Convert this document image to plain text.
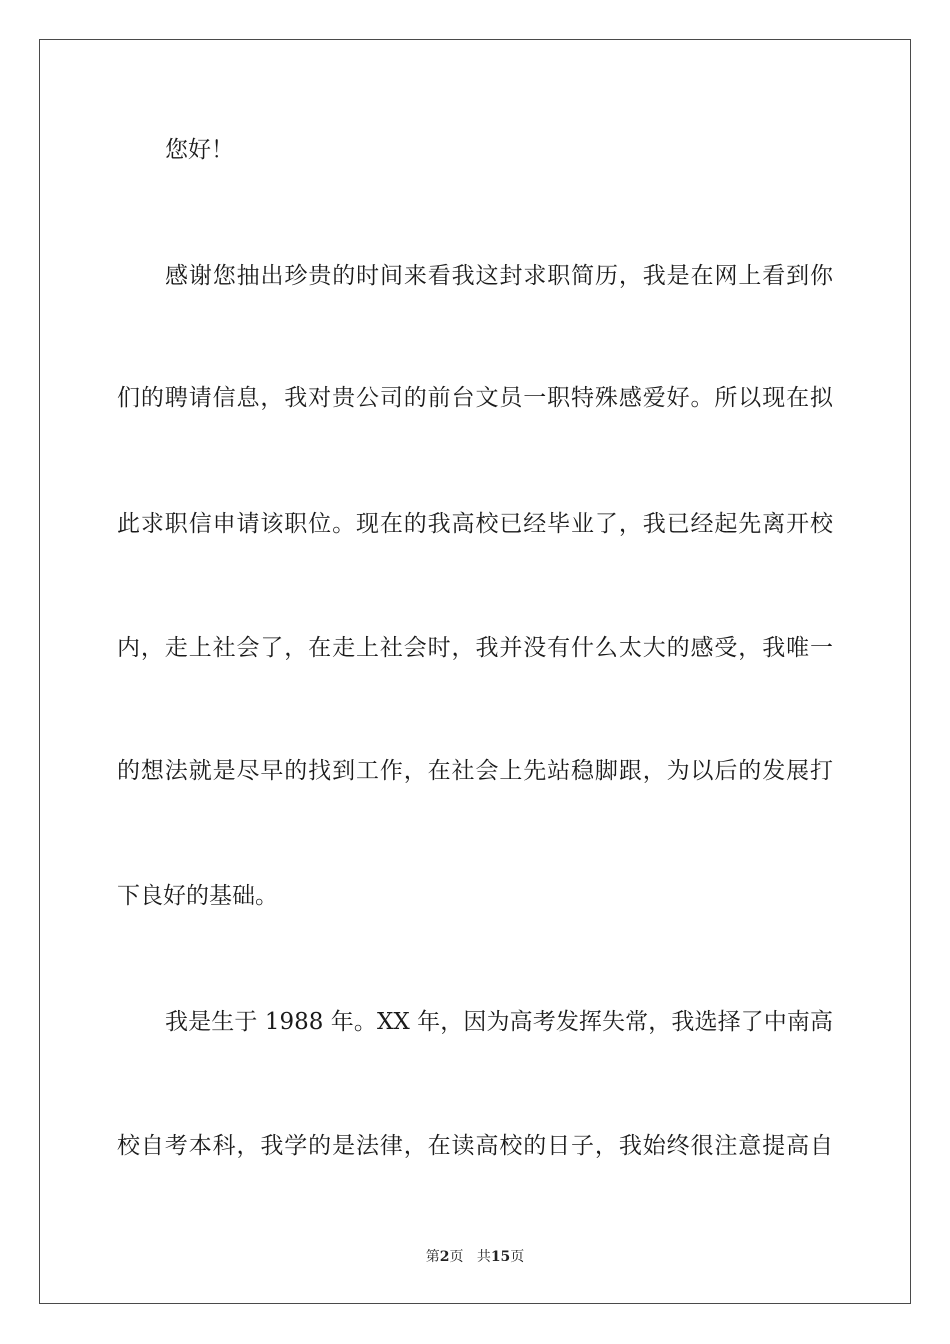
您好！
感谢您抽出珍贵的时间来看我这封求职简历，我是在网上看到你
们的聘请信息，我对贵公司的前台文员一职特殊感爱好。所以现在拟
此求职信申请该职位。现在的我高校已经毕业了，我已经起先离开校
内，走上社会了，在走上社会时，我并没有什么太大的感受，我唯一
的想法就是尽早的找到工作，在社会上先站稳脚跟，为以后的发展打
下良好的基础。
我是生于 1988 年。XX 年，因为高考发挥失常，我选择了中南高
校自考本科，我学的是法律，在读高校的日子，我始终很注意提高自
第2页 共15页
